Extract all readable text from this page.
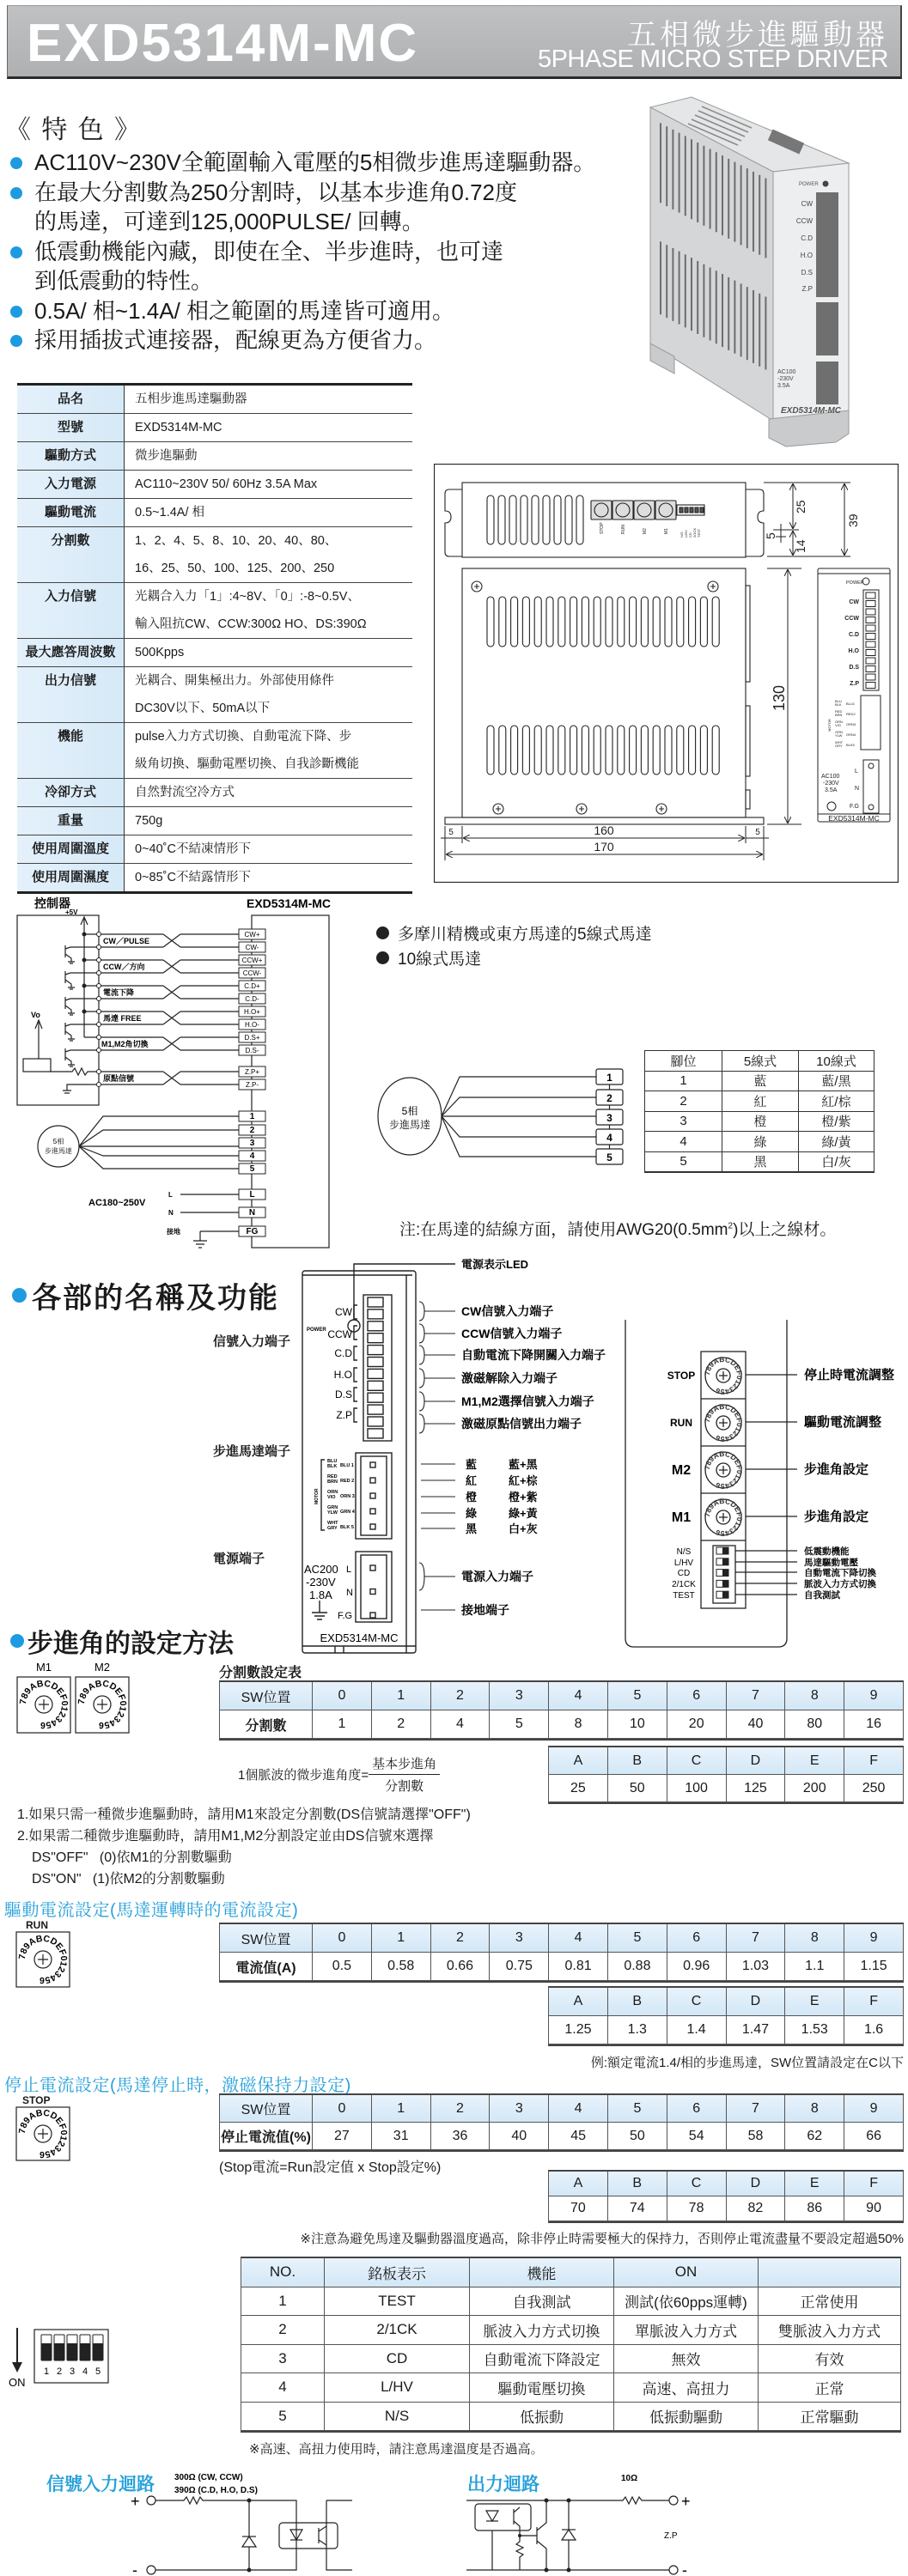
EXD5314M-MC	五相微步進驅動器
5PHASE MICRO STEP DRIVER
《 特 色 》
AC110V~230V全範圍輸入電壓的5相微步進馬達驅動器。
在最大分割數為250分割時，以基本步進角0.72度
的馬達，可達到125,000PULSE/ 回轉。
低震動機能內藏，即使在全、半步進時，也可達
到低震動的特性。
0.5A/ 相~1.4A/ 相之範圍的馬達皆可適用。
採用插拔式連接器，配線更為方便省力。
POWER
CW
CCW
C.D
H.O
D.S
Z.P
AC100
-230V
3.5A
EXD5314M-MC
品名	五相步進馬達驅動器
型號	EXD5314M-MC
驅動方式	微步進驅動
入力電源	AC110~230V 50/ 60Hz 3.5A Max
驅動電流	0.5~1.4A/ 相
分割數	1、2、4、5、8、10、20、40、80、
16、25、50、100、125、200、250
入力信號	光耦合入力「1」:4~8V、「0」:-8~0.5V、
輸入阻抗CW、CCW:300Ω HO、DS:390Ω
最大應答周波數	500Kpps
出力信號	光耦合、開集極出力。外部使用條件
DC30V以下、50mA以下
機能	pulse入力方式切換、自動電流下降、步
級角切換、驅動電壓切換、自我診斷機能
冷卻方式	自然對流空冷方式
重量	750g
使用周圍溫度	0~40˚C不結凍情形下
使用周圍濕度	0~85˚C不結露情形下
STOP	RUN	M2	M1
N/S L/HV CD 2/1CK TEST
25
14
5
39
130
POWER
CW
CCW
C.D
H.O
D.S
Z.P
MOTOR
BLU
BLK BLU1
RED
BRN RED2
ORN
VIO ORN3
GRN
YLW GRN4
WHT
GRY BLK5
AC100
-230V
3.5A
L
N
F.G
EXD5314M-MC
160
170
5	5
控制器	EXD5314M-MC
+5V
Vo
CW／PULSE
CCW／方向
電流下降
馬達 FREE
M1,M2角切換
原點信號
CW+
CW-
CCW+
CCW-
C.D+
C.D-
H.O+
H.O-
D.S+
D.S-
Z.P+
Z.P-
1
2
3
4
5
L
N
FG
5相
步進馬達
AC180~250V
L
N
接地
多摩川精機或東方馬達的5線式馬達
10線式馬達
1
2
3
4
5
5相
步進馬達
腳位	5線式	10線式
1	藍	藍/黑
2	紅	紅/棕
3	橙	橙/紫
4	綠	綠/黃
5	黑	白/灰
注:在馬達的結線方面，請使用$AWG20(0.5mm^2)$以上之線材。
各部的名稱及功能
信號入力端子
步進馬達端子
電源端子
POWER
CW
CCW
C.D
H.O
D.S
Z.P
MOTOR
BLU
BLK BLU 1
RED
BRN RED 2
ORN
VIO ORN 3
GRN
YLW GRN 4
WHT
GRY BLK 5
AC200
-230V
1.8A
L
N
F.G
EXD5314M-MC
電源表示LED
CW信號入力端子
CCW信號入力端子
自動電流下降開關入力端子
激磁解除入力端子
M1,M2選擇信號入力端子
激磁原點信號出力端子
電源入力端子
接地端子
藍	藍+黑
紅	紅+棕
橙	橙+紫
綠	綠+黃
黑	白+灰
789ABCDEF0123456
789ABCDEF0123456
789ABCDEF0123456
789ABCDEF0123456
STOP
RUN
M2
M1
停止時電流調整
驅動電流調整
步進角設定
步進角設定
N/S
L/HV
CD
2/1CK
TEST
低震動機能
馬達驅動電壓
自動電流下降切換
脈波入力方式切換
自我測試
步進角的設定方法
M1	M2
789ABCDEF0123456
789ABCDEF0123456
分割數設定表
SW位置	0	1	2	3	4	5	6	7	8	9
分割數	1	2	4	5	8	10	20	40	80	16
A	B	C	D	E	F
25	50	100	125	200	250
1個脈波的微步進角度= $\frac{\text{基本步進角}}{\text{分割數}}$
1.如果只需一種微步進驅動時，請用M1來設定分割數(DS信號請選擇"OFF")
2.如果需二種微步進驅動時，請用M1,M2分割設定並由DS信號來選擇
DS"OFF"   (0)依M1的分割數驅動
DS"ON"   (1)依M2的分割數驅動
驅動電流設定(馬達運轉時的電流設定)
RUN
789ABCDEF0123456
SW位置	0	1	2	3	4	5	6	7	8	9
電流值(A)	0.5	0.58	0.66	0.75	0.81	0.88	0.96	1.03	1.1	1.15
A	B	C	D	E	F
1.25	1.3	1.4	1.47	1.53	1.6
例:額定電流1.4/相的步進馬達，SW位置請設定在C以下
停止電流設定(馬達停止時，激磁保持力設定)
STOP
789ABCDEF0123456
SW位置	0	1	2	3	4	5	6	7	8	9
停止電流值(%)	27	31	36	40	45	50	54	58	62	66
(Stop電流=Run設定值 x Stop設定%)
A	B	C	D	E	F
70	74	78	82	86	90
※注意為避免馬達及驅動器溫度過高，除非停止時需要極大的保持力，否則停止電流盡量不要設定超過50%
ON
1 2 3 4 5
NO.	銘板表示	機能	ON
1	TEST	自我測試	測試(依60pps運轉)	正常使用
2	2/1CK	脈波入力方式切換	單脈波入力方式	雙脈波入力方式
3	CD	自動電流下降設定	無效	有效
4	L/HV	驅動電壓切換	高速、高扭力	正常
5	N/S	低振動	低振動驅動	正常驅動
※高速、高扭力使用時，請注意馬達溫度是否過高。
信號入力迴路 300Ω (CW, CCW)
390Ω (C.D, H.O, D.S)
+
-
出力迴路	10Ω
+
-
Z.P
